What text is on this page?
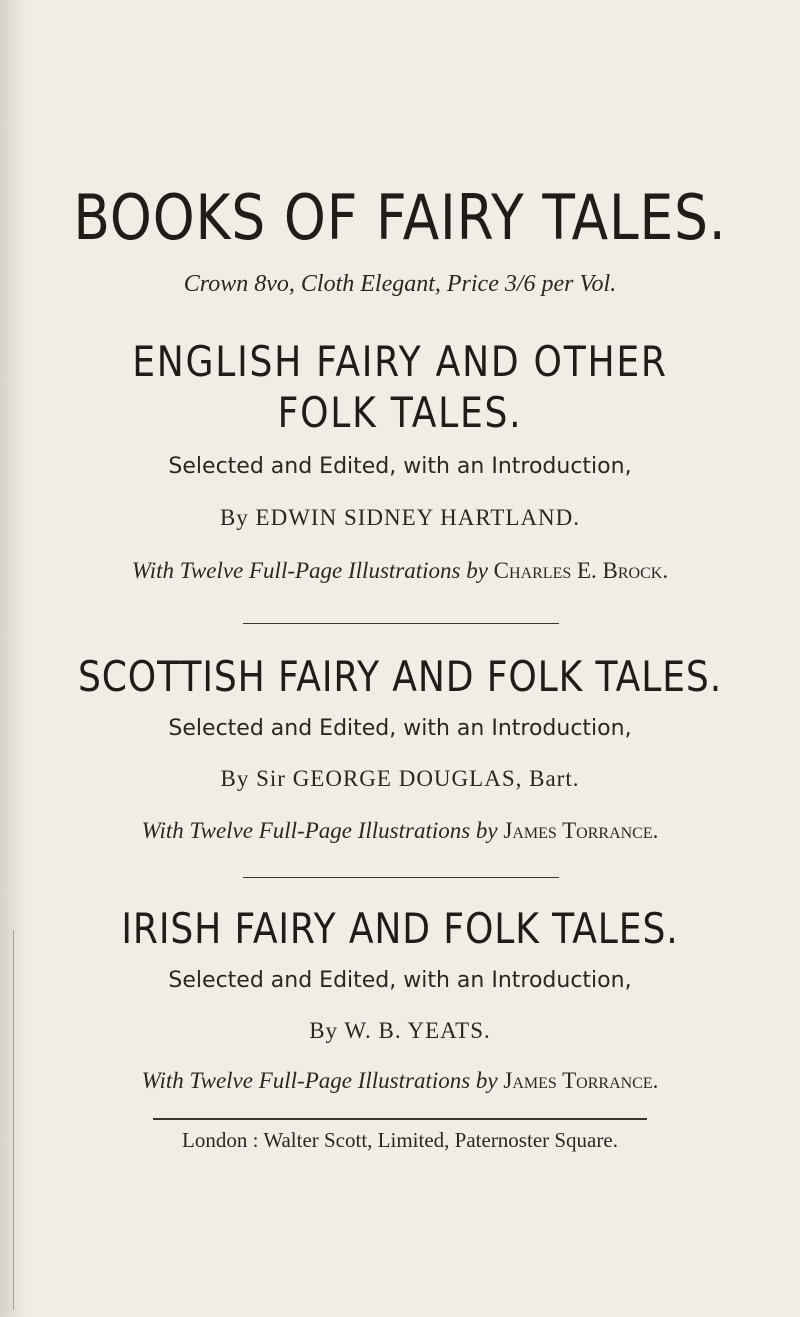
BOOKS OF FAIRY TALES.
Crown 8vo, Cloth Elegant, Price 3/6 per Vol.
ENGLISH FAIRY AND OTHER
FOLK TALES.
Selected and Edited, with an Introduction,
By EDWIN SIDNEY HARTLAND.
With Twelve Full-Page Illustrations by Charles E. Brock.
SCOTTISH FAIRY AND FOLK TALES.
Selected and Edited, with an Introduction,
By Sir GEORGE DOUGLAS, Bart.
With Twelve Full-Page Illustrations by James Torrance.
IRISH FAIRY AND FOLK TALES.
Selected and Edited, with an Introduction,
By W. B. YEATS.
With Twelve Full-Page Illustrations by James Torrance.
London : Walter Scott, Limited, Paternoster Square.
